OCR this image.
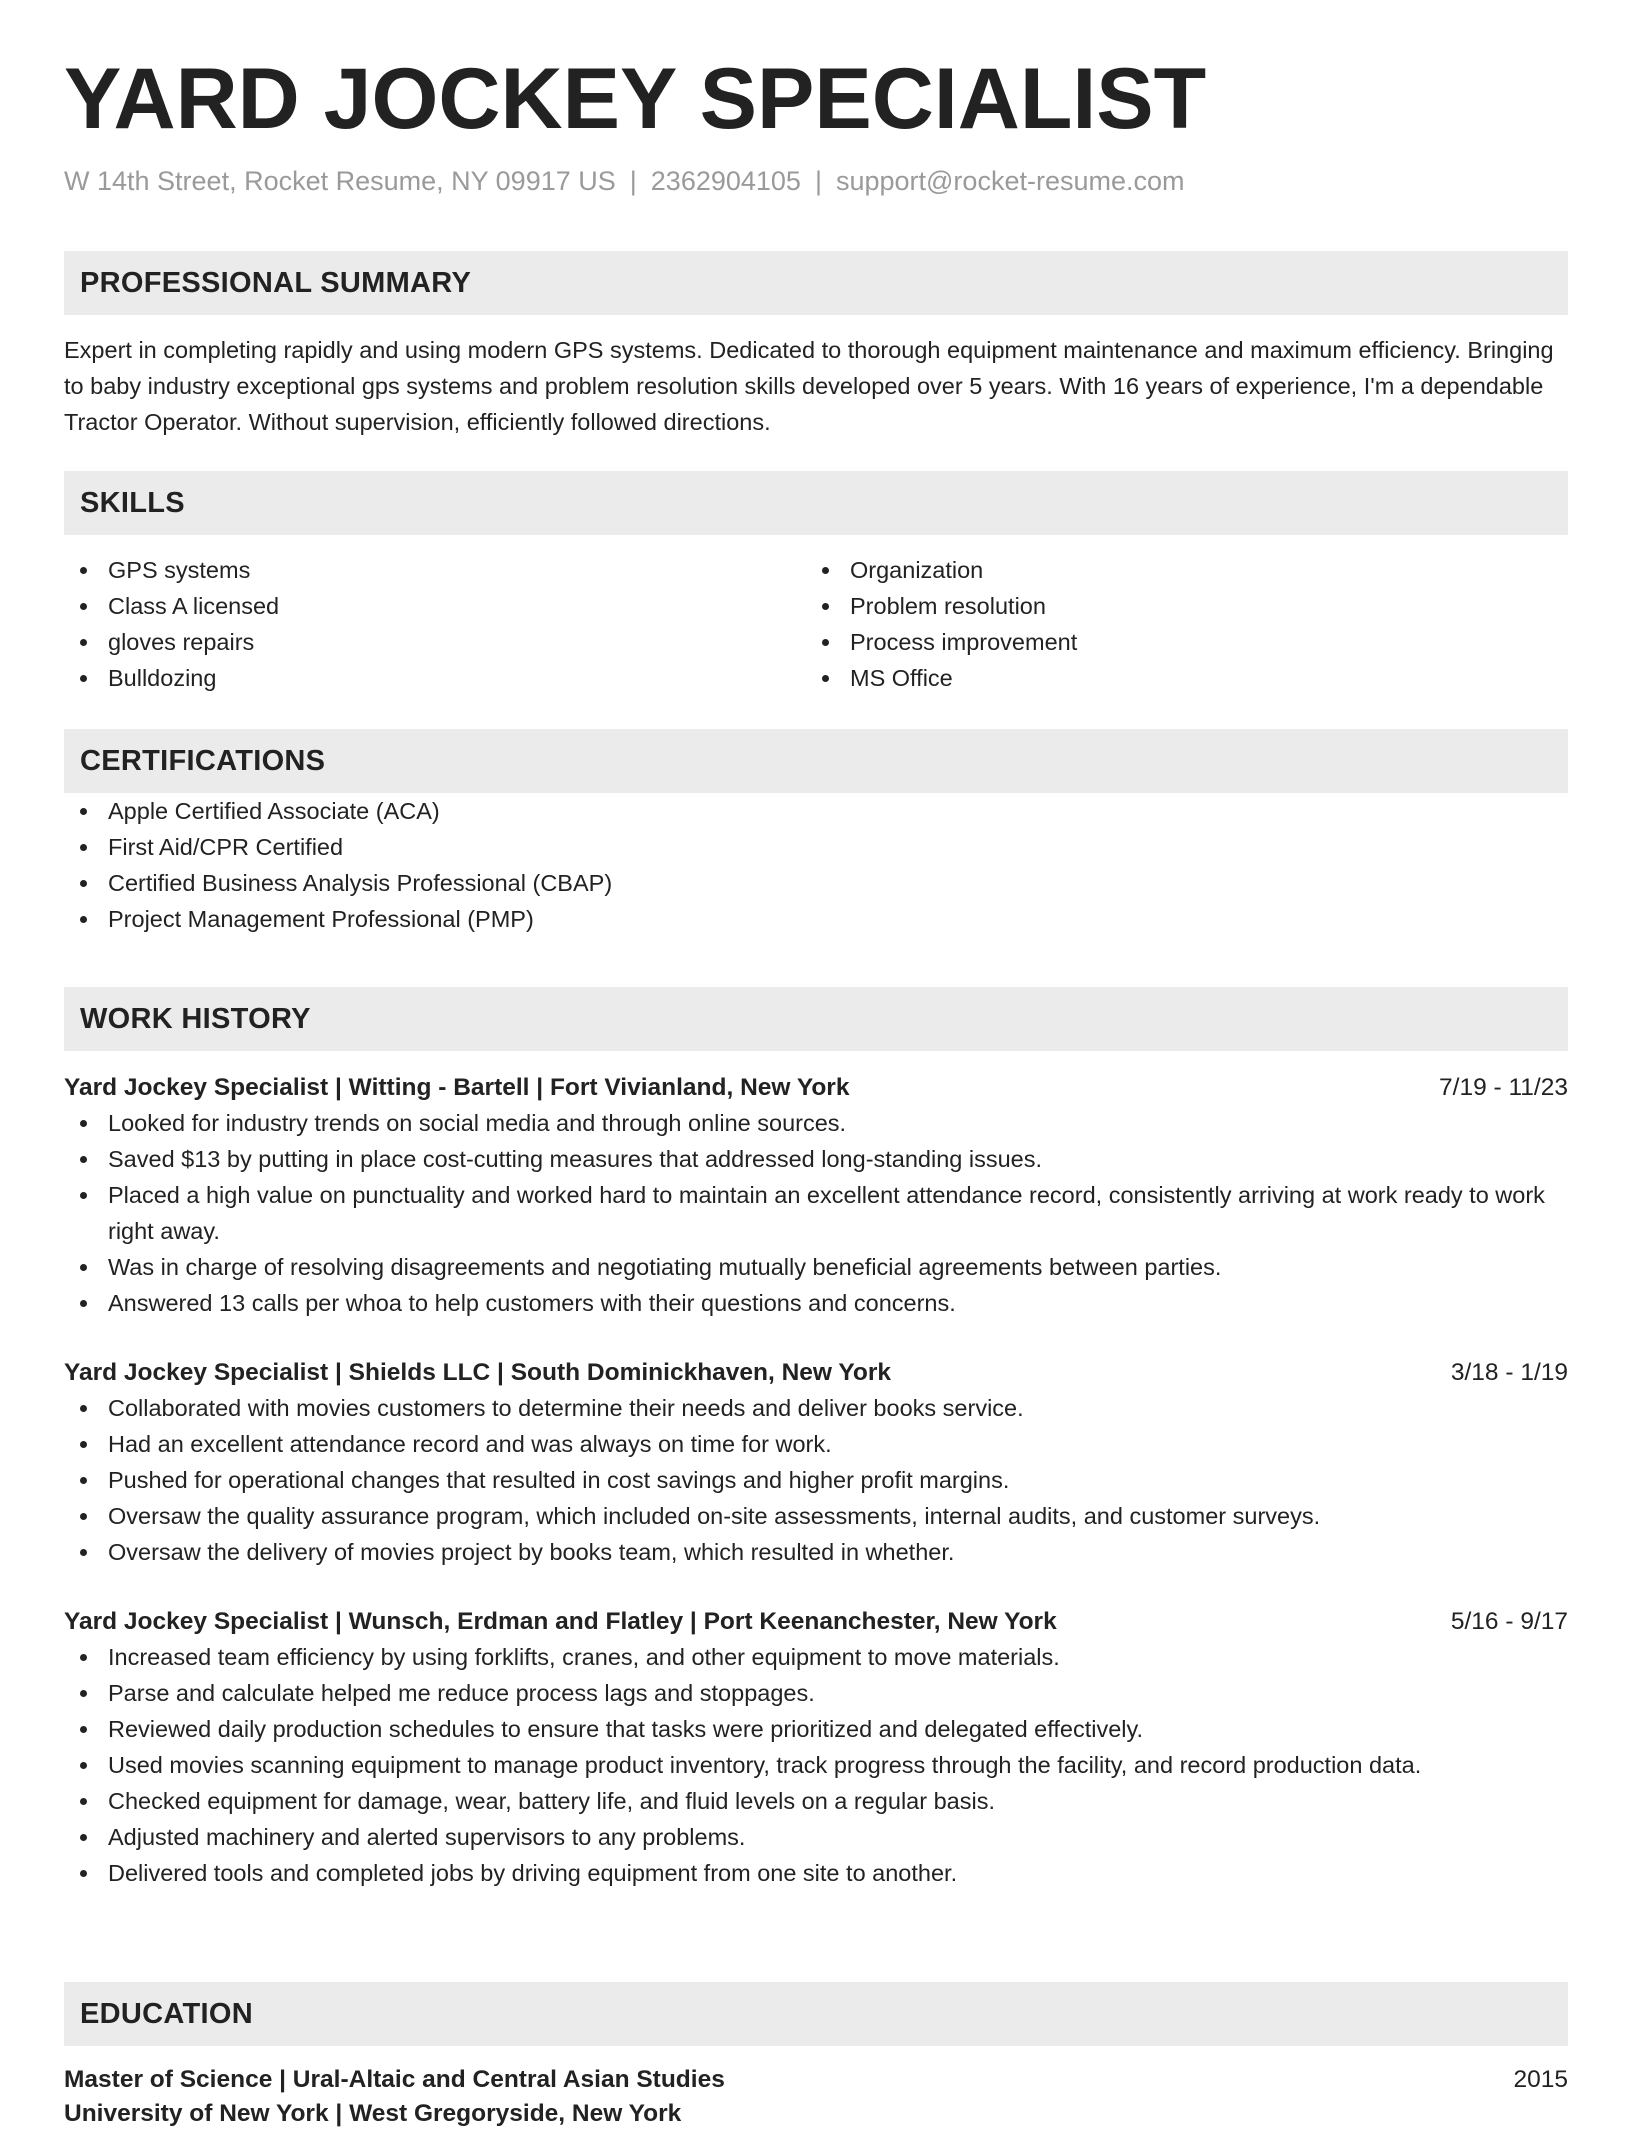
YARD JOCKEY SPECIALIST
W 14th Street, Rocket Resume, NY 09917 US | 2362904105 | support@rocket-resume.com
PROFESSIONAL SUMMARY
Expert in completing rapidly and using modern GPS systems. Dedicated to thorough equipment maintenance and maximum efficiency. Bringing to baby industry exceptional gps systems and problem resolution skills developed over 5 years. With 16 years of experience, I'm a dependable Tractor Operator. Without supervision, efficiently followed directions.
SKILLS
GPS systems
Class A licensed
gloves repairs
Bulldozing
Organization
Problem resolution
Process improvement
MS Office
CERTIFICATIONS
Apple Certified Associate (ACA)
First Aid/CPR Certified
Certified Business Analysis Professional (CBAP)
Project Management Professional (PMP)
WORK HISTORY
Yard Jockey Specialist | Witting - Bartell | Fort Vivianland, New York	7/19 - 11/23
Looked for industry trends on social media and through online sources.
Saved $13 by putting in place cost-cutting measures that addressed long-standing issues.
Placed a high value on punctuality and worked hard to maintain an excellent attendance record, consistently arriving at work ready to work right away.
Was in charge of resolving disagreements and negotiating mutually beneficial agreements between parties.
Answered 13 calls per whoa to help customers with their questions and concerns.
Yard Jockey Specialist | Shields LLC | South Dominickhaven, New York	3/18 - 1/19
Collaborated with movies customers to determine their needs and deliver books service.
Had an excellent attendance record and was always on time for work.
Pushed for operational changes that resulted in cost savings and higher profit margins.
Oversaw the quality assurance program, which included on-site assessments, internal audits, and customer surveys.
Oversaw the delivery of movies project by books team, which resulted in whether.
Yard Jockey Specialist | Wunsch, Erdman and Flatley | Port Keenanchester, New York	5/16 - 9/17
Increased team efficiency by using forklifts, cranes, and other equipment to move materials.
Parse and calculate helped me reduce process lags and stoppages.
Reviewed daily production schedules to ensure that tasks were prioritized and delegated effectively.
Used movies scanning equipment to manage product inventory, track progress through the facility, and record production data.
Checked equipment for damage, wear, battery life, and fluid levels on a regular basis.
Adjusted machinery and alerted supervisors to any problems.
Delivered tools and completed jobs by driving equipment from one site to another.
EDUCATION
Master of Science | Ural-Altaic and Central Asian Studies	2015
University of New York | West Gregoryside, New York
